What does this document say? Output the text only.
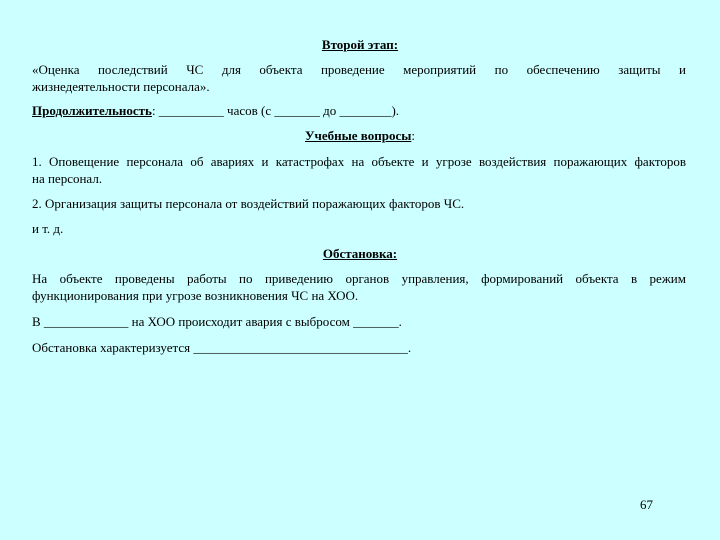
Второй этап:
«Оценка последствий ЧС для объекта проведение мероприятий по обеспечению защиты и
жизнедеятельности персонала».
Продолжительность: __________ часов (с _______ до ________).
Учебные вопросы:
1. Оповещение персонала об авариях и катастрофах на объекте и угрозе воздействия поражающих факторов
на персонал.
2. Организация защиты персонала от воздействий поражающих факторов ЧС.
и т. д.
Обстановка:
На объекте проведены работы по приведению органов управления, формирований объекта в режим
функционирования при угрозе возникновения ЧС на ХОО.
В _____________ на ХОО происходит авария с выбросом _______.
Обстановка характеризуется _________________________________.
67
